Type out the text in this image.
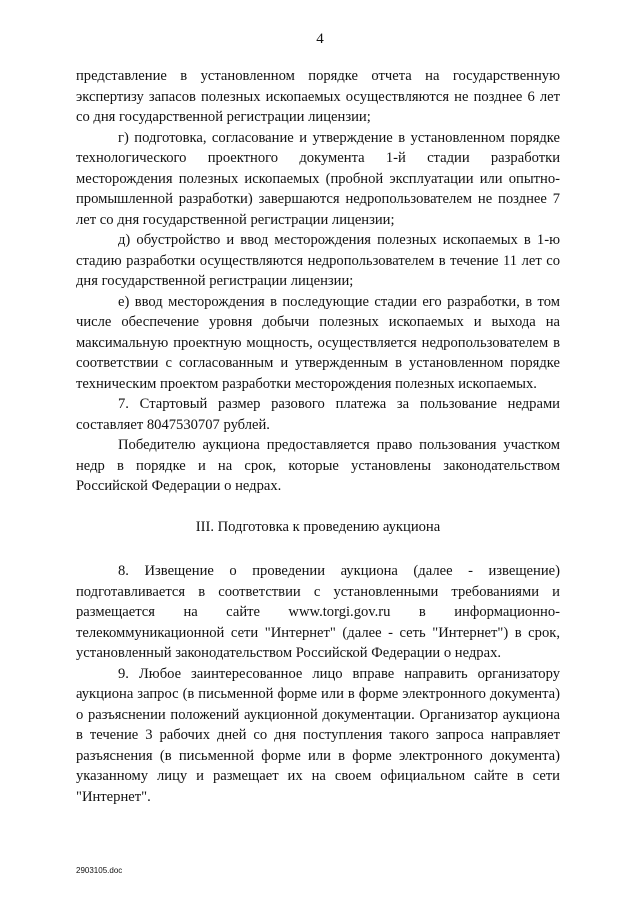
4

представление в установленном порядке отчета на государственную экспертизу запасов полезных ископаемых осуществляются не позднее 6 лет со дня государственной регистрации лицензии;

г) подготовка, согласование и утверждение в установленном порядке технологического проектного документа 1-й стадии разработки месторождения полезных ископаемых (пробной эксплуатации или опытно-промышленной разработки) завершаются недропользователем не позднее 7 лет со дня государственной регистрации лицензии;

д) обустройство и ввод месторождения полезных ископаемых в 1-ю стадию разработки осуществляются недропользователем в течение 11 лет со дня государственной регистрации лицензии;

е) ввод месторождения в последующие стадии его разработки, в том числе обеспечение уровня добычи полезных ископаемых и выхода на максимальную проектную мощность, осуществляется недропользователем в соответствии с согласованным и утвержденным в установленном порядке техническим проектом разработки месторождения полезных ископаемых.

7. Стартовый размер разового платежа за пользование недрами составляет 8047530707 рублей.

Победителю аукциона предоставляется право пользования участком недр в порядке и на срок, которые установлены законодательством Российской Федерации о недрах.

III. Подготовка к проведению аукциона

8. Извещение о проведении аукциона (далее - извещение) подготавливается в соответствии с установленными требованиями и размещается на сайте www.torgi.gov.ru в информационно-телекоммуникационной сети "Интернет" (далее - сеть "Интернет") в срок, установленный законодательством Российской Федерации о недрах.

9. Любое заинтересованное лицо вправе направить организатору аукциона запрос (в письменной форме или в форме электронного документа) о разъяснении положений аукционной документации. Организатор аукциона в течение 3 рабочих дней со дня поступления такого запроса направляет разъяснения (в письменной форме или в форме электронного документа) указанному лицу и размещает их на своем официальном сайте в сети "Интернет".

2903105.doc
